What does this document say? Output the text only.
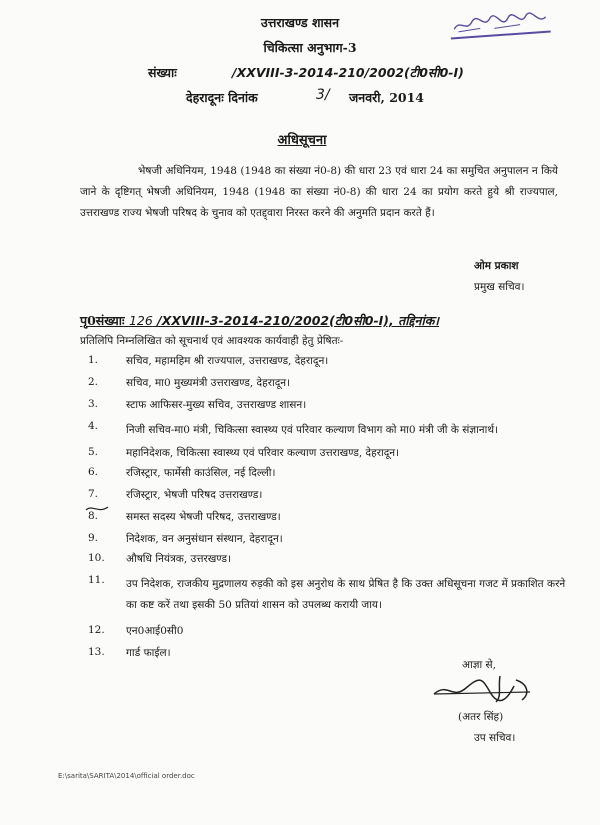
उत्तराखण्ड शासन
चिकित्सा अनुभाग-3
संख्याः	/XXVIII-3-2014-210/2002(टी0सी0-I)
देहरादूनः दिनांक	3/ जनवरी, 2014
अधिसूचना
भेषजी अधिनियम, 1948 (1948 का संख्या नं0-8) की धारा 23 एवं धारा 24 का समुचित अनुपालन न किये जाने के दृष्टिगत् भेषजी अधिनियम, 1948 (1948 का संख्या नं0-8) की धारा 24 का प्रयोग करते हुये श्री राज्यपाल, उत्तराखण्ड राज्य भेषजी परिषद के चुनाव को एतद्द्वारा निरस्त करने की अनुमति प्रदान करते हैं।
ओम प्रकाश
प्रमुख सचिव।
पृ0संख्याः 126 /XXVIII-3-2014-210/2002(टी0सी0-I), तद्दिनांक।
प्रतिलिपि निम्नलिखित को सूचनार्थ एवं आवश्यक कार्यवाही हेतु प्रेषितः-
1.	सचिव, महामहिम श्री राज्यपाल, उत्तराखण्ड, देहरादून।
2.	सचिव, मा0 मुख्यमंत्री उत्तराखण्ड, देहरादून।
3.	स्टाफ आफिसर-मुख्य सचिव, उत्तराखण्ड शासन।
4.	निजी सचिव-मा0 मंत्री, चिकित्सा स्वास्थ्य एवं परिवार कल्याण विभाग को मा0 मंत्री जी के संज्ञानार्थ।
5.	महानिदेशक, चिकित्सा स्वास्थ्य एवं परिवार कल्याण उत्तराखण्ड, देहरादून।
6.	रजिस्ट्रार, फार्मेसी काउंसिल, नई दिल्ली।
7.	रजिस्ट्रार, भेषजी परिषद उत्तराखण्ड।
8.	समस्त सदस्य भेषजी परिषद, उत्तराखण्ड।
9.	निदेशक, वन अनुसंधान संस्थान, देहरादून।
10.	औषधि नियंत्रक, उत्तरखण्ड।
11.	उप निदेशक, राजकीय मुद्रणालय रुड़की को इस अनुरोध के साथ प्रेषित है कि उक्त अधिसूचना गजट में प्रकाशित करने का कष्ट करें तथा इसकी 50 प्रतियां शासन को उपलब्ध करायी जाय।
12.	एन0आई0सी0
13.	गार्ड फाईल।
आज्ञा से,
(अतर सिंह)
उप सचिव।
E:\sarita\SARITA\2014\official order.doc
